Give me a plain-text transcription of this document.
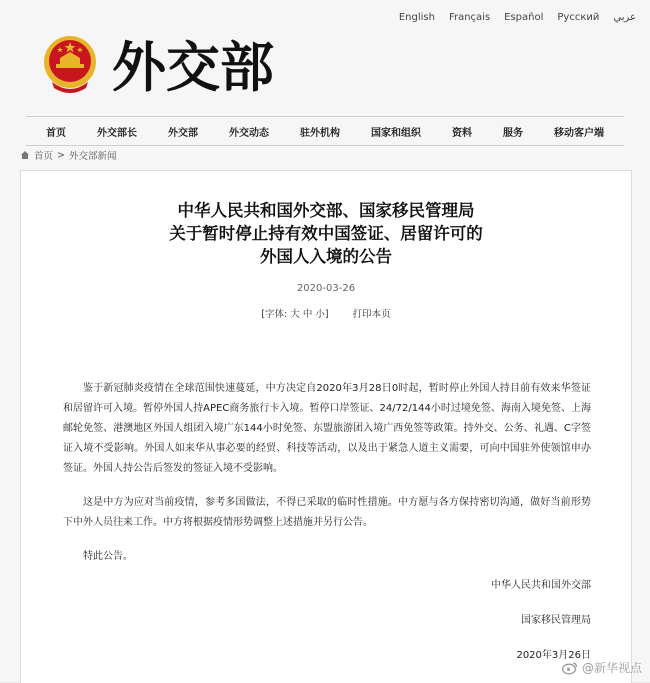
English Français Español Русский عربي
外交部
首页	外交部长	外交部	外交动态	驻外机构	国家和组织	资料	服务	移动客户端
首页 > 外交部新闻
中华人民共和国外交部、国家移民管理局
关于暂时停止持有效中国签证、居留许可的
外国人入境的公告
2020-03-26
[字体: 大 中 小]	打印本页

鉴于新冠肺炎疫情在全球范围快速蔓延，中方决定自2020年3月28日0时起，暂时停止外国人持目前有效来华签证和居留许可入境。暂停外国人持APEC商务旅行卡入境。暂停口岸签证、24/72/144小时过境免签、海南入境免签、上海邮轮免签、港澳地区外国人组团入境广东144小时免签、东盟旅游团入境广西免签等政策。持外交、公务、礼遇、C字签证入境不受影响。外国人如来华从事必要的经贸、科技等活动，以及出于紧急人道主义需要，可向中国驻外使领馆申办签证。外国人持公告后签发的签证入境不受影响。

这是中方为应对当前疫情，参考多国做法，不得已采取的临时性措施。中方愿与各方保持密切沟通，做好当前形势下中外人员往来工作。中方将根据疫情形势调整上述措施并另行公告。

特此公告。

中华人民共和国外交部
国家移民管理局
2020年3月26日
@新华视点
